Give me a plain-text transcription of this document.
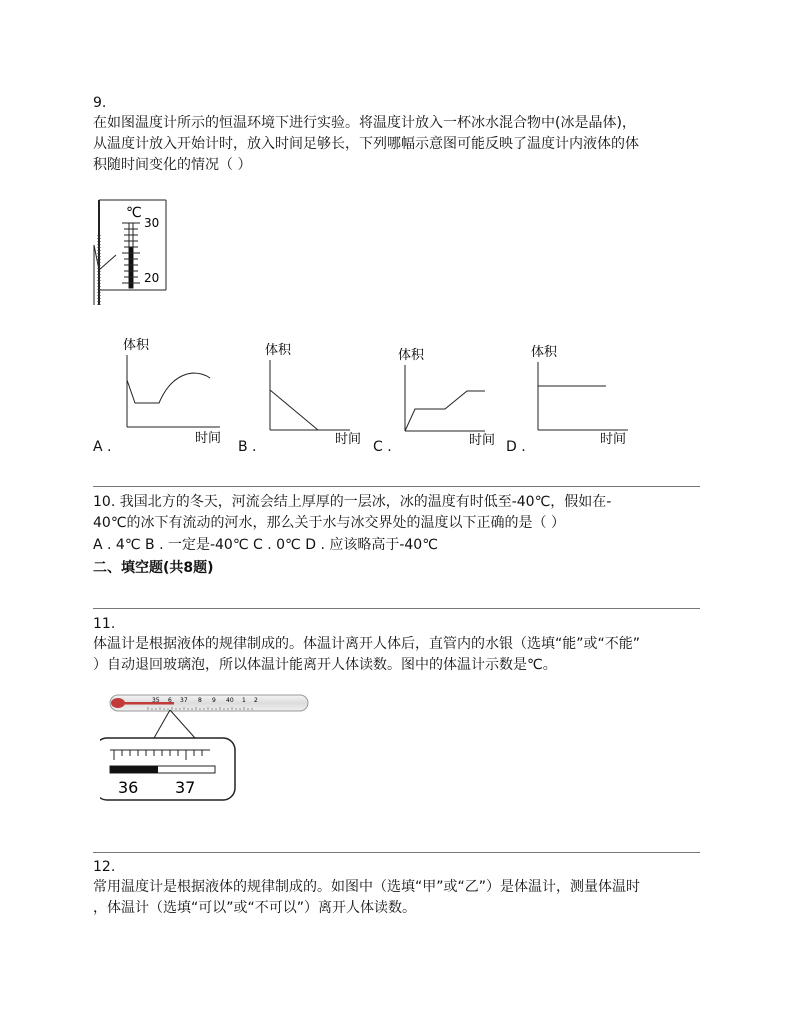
9.
在如图温度计所示的恒温环境下进行实验。将温度计放入一杯冰水混合物中(冰是晶体)，
从温度计放入开始计时，放入时间足够长，下列哪幅示意图可能反映了温度计内液体的体
积随时间变化的情况（ ）
℃
30
20
体积
时间
A .
体积
时间
B .
体积
时间
C .
体积
时间
D .
10. 我国北方的冬天，河流会结上厚厚的一层冰，冰的温度有时低至-40℃，假如在-
40℃的冰下有流动的河水，那么关于水与冰交界处的温度以下正确的是（ ）
A . 4℃ B . 一定是-40℃ C . 0℃ D . 应该略高于-40℃
二、填空题(共8题)
11.
体温计是根据液体的规律制成的。体温计离开人体后，直管内的水银（选填“能”或“不能”
）自动退回玻璃泡，所以体温计能离开人体读数。图中的体温计示数是℃。
35 6 37 8 9 40 1 2
36 37
12.
常用温度计是根据液体的规律制成的。如图中（选填“甲”或“乙”）是体温计，测量体温时
，体温计（选填“可以”或“不可以”）离开人体读数。
